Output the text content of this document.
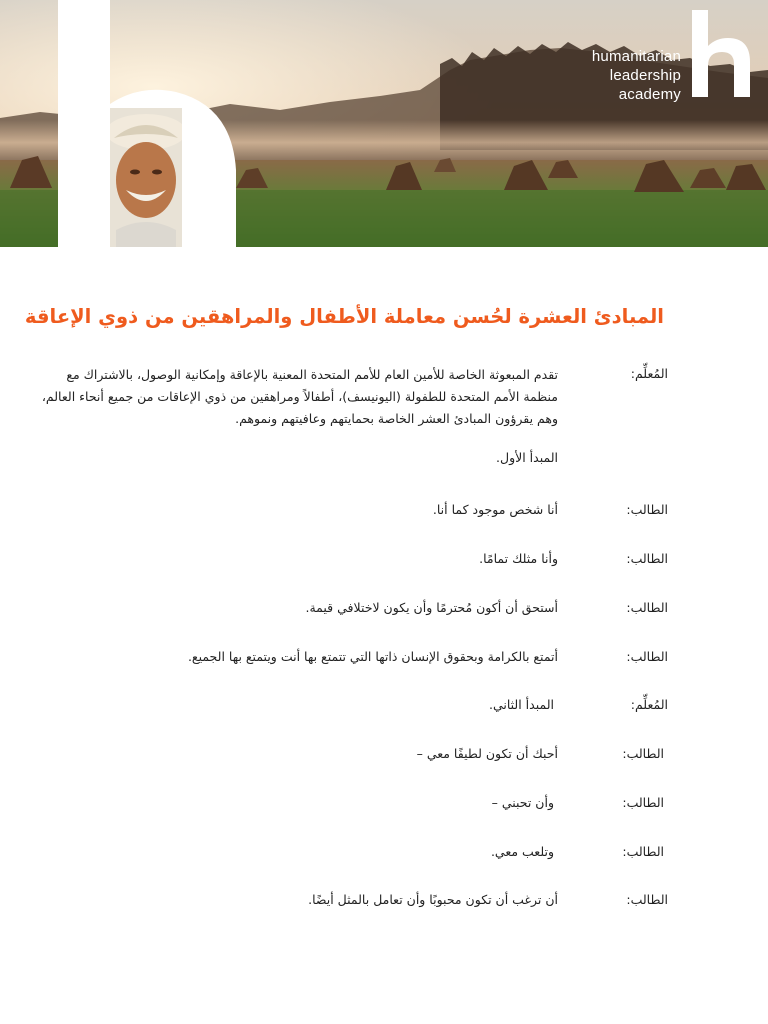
humanitarian
leadership
academy
المبادئ العشرة لحُسن معاملة الأطفال والمراهقين من ذوي الإعاقة
المُعلِّم:

تقدم المبعوثة الخاصة للأمين العام للأمم المتحدة المعنية بالإعاقة وإمكانية الوصول، بالاشتراك مع

منظمة الأمم المتحدة للطفولة (اليونيسف)، أطفالاً ومراهقين من ذوي الإعاقات من جميع أنحاء العالم،

وهم يقرؤون المبادئ العشر الخاصة بحمايتهم وعافيتهم ونموهم.

المبدأ الأول.
الطالب:
أنا شخص موجود كما أنا.
الطالب:
وأنا مثلك تمامًا.
الطالب:
أستحق أن أكون مُحترمًا وأن يكون لاختلافي قيمة.
الطالب:
أتمتع بالكرامة وبحقوق الإنسان ذاتها التي تتمتع بها أنت ويتمتع بها الجميع.
المُعلِّم:
المبدأ الثاني.
الطالب:
أحبك أن تكون لطيفًا معي –
الطالب:
وأن تحبني –
الطالب:
وتلعب معي.
الطالب:
أن ترغب أن تكون محبوبًا وأن تعامل بالمثل أيضًا.
